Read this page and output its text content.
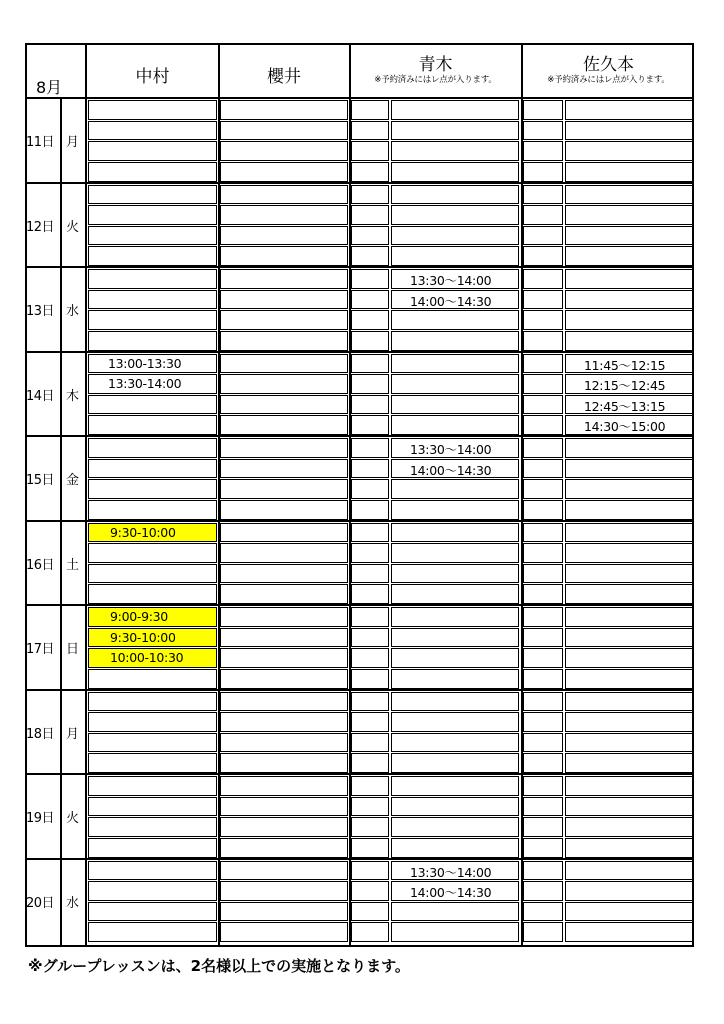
8月
中村	櫻井
青木
※予約済みにはレ点が入ります。
佐久本
※予約済みにはレ点が入ります。
11日 月
12日 火
13日 水
13:30〜14:00
14:00〜14:30
14日 木
13:00-13:30
13:30-14:00
11:45〜12:15
12:15〜12:45
12:45〜13:15
14:30〜15:00
15日 金
13:30〜14:00
14:00〜14:30
16日 土
9:30-10:00
17日 日
9:00-9:30
9:30-10:00
10:00-10:30
18日 月
19日 火
20日 水
13:30〜14:00
14:00〜14:30
※グループレッスンは、2名様以上での実施となります。
